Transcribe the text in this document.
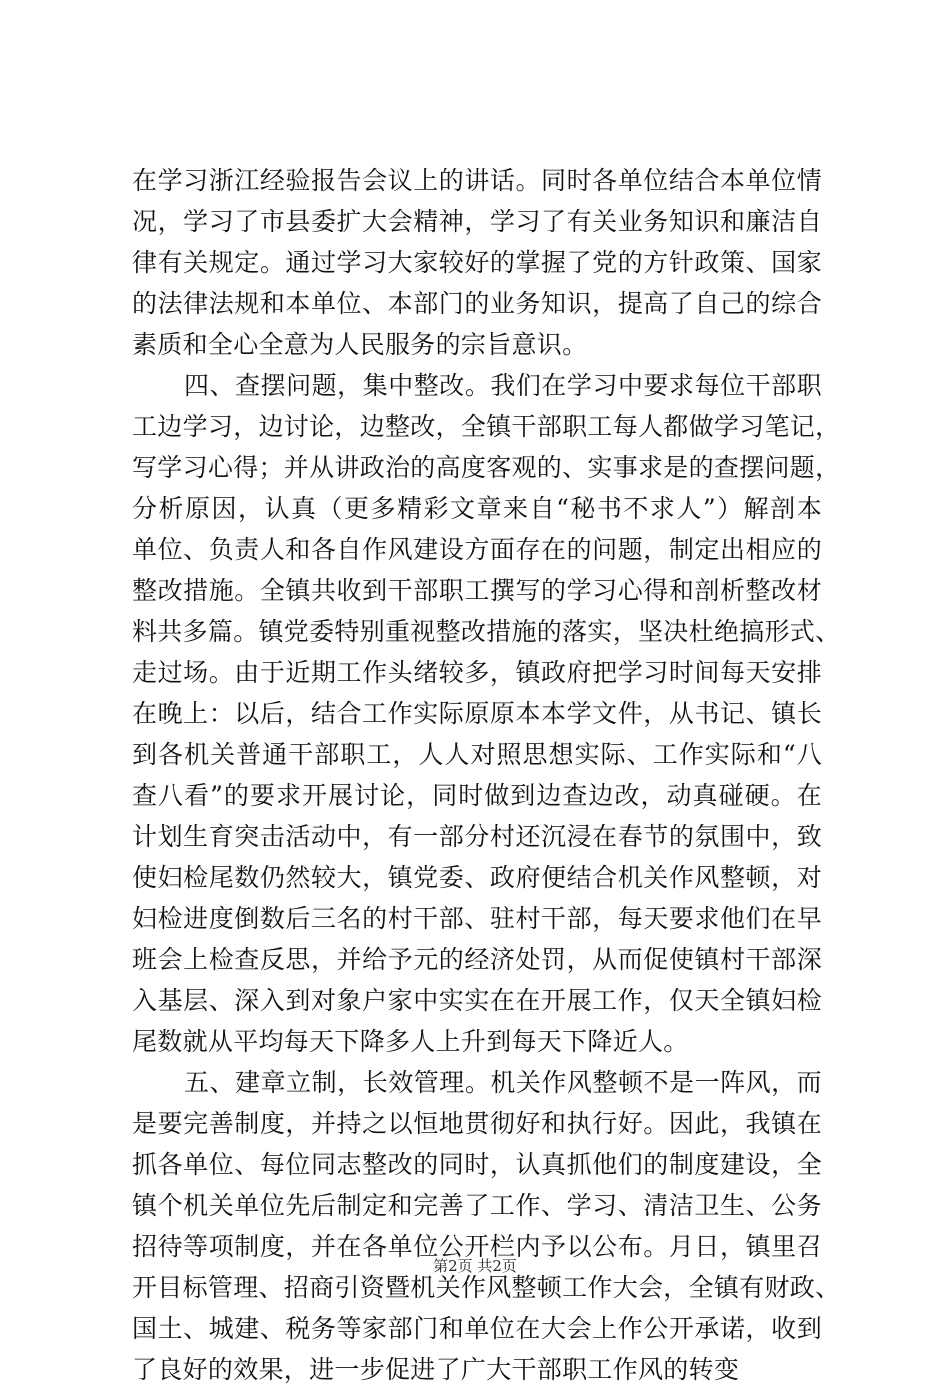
在学习浙江经验报告会议上的讲话。同时各单位结合本单位情
况，学习了市县委扩大会精神，学习了有关业务知识和廉洁自
律有关规定。通过学习大家较好的掌握了党的方针政策、国家
的法律法规和本单位、本部门的业务知识，提高了自己的综合
素质和全心全意为人民服务的宗旨意识。
四、查摆问题，集中整改。我们在学习中要求每位干部职
工边学习，边讨论，边整改，全镇干部职工每人都做学习笔记，
写学习心得；并从讲政治的高度客观的、实事求是的查摆问题，
分析原因，认真（更多精彩文章来自“秘书不求人”）解剖本
单位、负责人和各自作风建设方面存在的问题，制定出相应的
整改措施。全镇共收到干部职工撰写的学习心得和剖析整改材
料共多篇。镇党委特别重视整改措施的落实，坚决杜绝搞形式、
走过场。由于近期工作头绪较多，镇政府把学习时间每天安排
在晚上：以后，结合工作实际原原本本学文件，从书记、镇长
到各机关普通干部职工，人人对照思想实际、工作实际和“八
查八看”的要求开展讨论，同时做到边查边改，动真碰硬。在
计划生育突击活动中，有一部分村还沉浸在春节的氛围中，致
使妇检尾数仍然较大，镇党委、政府便结合机关作风整顿，对
妇检进度倒数后三名的村干部、驻村干部，每天要求他们在早
班会上检查反思，并给予元的经济处罚，从而促使镇村干部深
入基层、深入到对象户家中实实在在开展工作，仅天全镇妇检
尾数就从平均每天下降多人上升到每天下降近人。
五、建章立制，长效管理。机关作风整顿不是一阵风，而
是要完善制度，并持之以恒地贯彻好和执行好。因此，我镇在
抓各单位、每位同志整改的同时，认真抓他们的制度建设，全
镇个机关单位先后制定和完善了工作、学习、清洁卫生、公务
招待等项制度，并在各单位公开栏内予以公布。月日，镇里召
开目标管理、招商引资暨机关作风整顿工作大会，全镇有财政、
国土、城建、税务等家部门和单位在大会上作公开承诺，收到
了良好的效果，进一步促进了广大干部职工作风的转变
第2页 共2页
